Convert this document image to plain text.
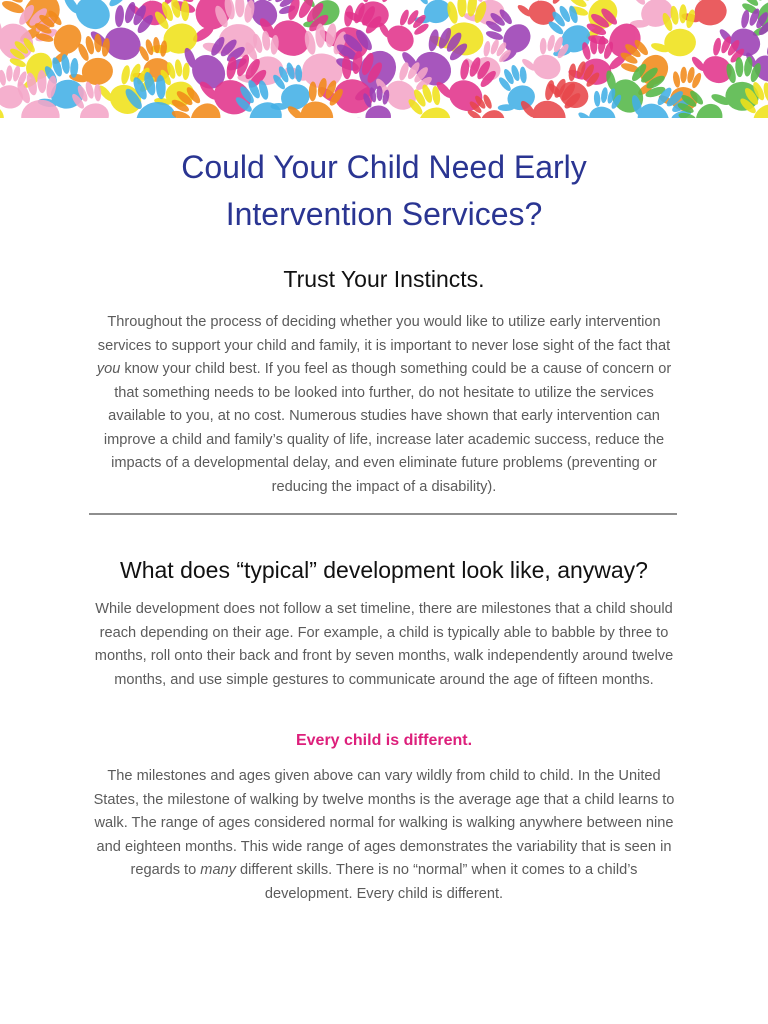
Could Your Child Need Early
Intervention Services?
Trust Your Instincts.

Throughout the process of deciding whether you would like to utilize early intervention services to support your child and family, it is important to never lose sight of the fact that you know your child best. If you feel as though something could be a cause of concern or that something needs to be looked into further, do not hesitate to utilize the services available to you, at no cost. Numerous studies have shown that early intervention can improve a child and family’s quality of life, increase later academic success, reduce the impacts of a developmental delay, and even eliminate future problems (preventing or reducing the impact of a disability).

What does “typical” development look like, anyway?

While development does not follow a set timeline, there are milestones that a child should reach depending on their age. For example, a child is typically able to babble by three to months, roll onto their back and front by seven months, walk independently around twelve months, and use simple gestures to communicate around the age of fifteen months.

Every child is different.

The milestones and ages given above can vary wildly from child to child. In the United States, the milestone of walking by twelve months is the average age that a child learns to walk. The range of ages considered normal for walking is walking anywhere between nine and eighteen months. This wide range of ages demonstrates the variability that is seen in regards to many different skills. There is no “normal” when it comes to a child’s development. Every child is different.
